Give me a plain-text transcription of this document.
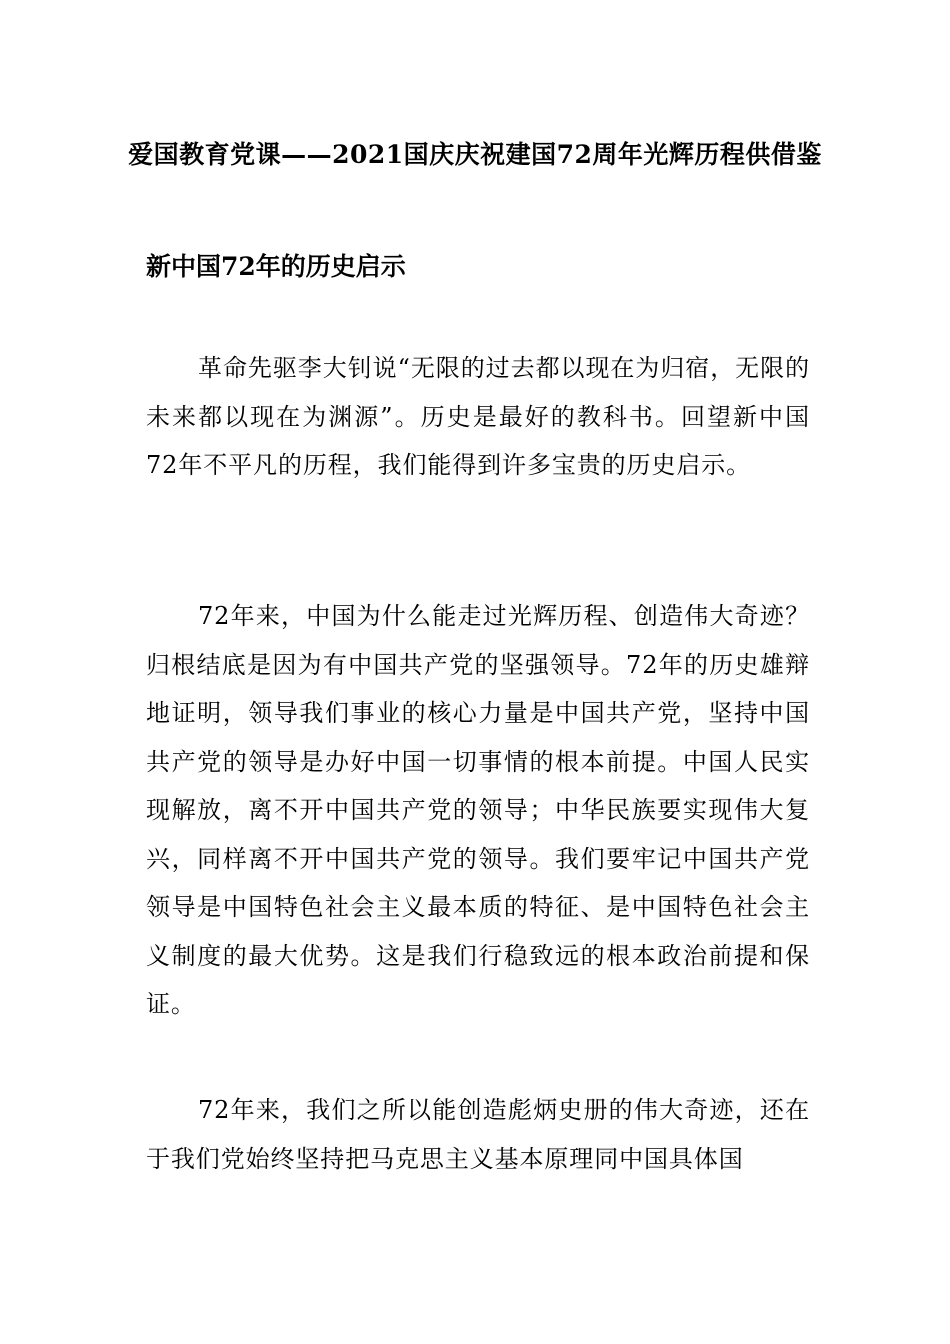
爱国教育党课——2021国庆庆祝建国72周年光辉历程供借鉴
新中国72年的历史启示
革命先驱李大钊说“无限的过去都以现在为归宿，无限的未来都以现在为渊源”。历史是最好的教科书。回望新中国72年不平凡的历程，我们能得到许多宝贵的历史启示。
72年来，中国为什么能走过光辉历程、创造伟大奇迹？归根结底是因为有中国共产党的坚强领导。72年的历史雄辩地证明，领导我们事业的核心力量是中国共产党，坚持中国共产党的领导是办好中国一切事情的根本前提。中国人民实现解放，离不开中国共产党的领导；中华民族要实现伟大复兴，同样离不开中国共产党的领导。我们要牢记中国共产党领导是中国特色社会主义最本质的特征、是中国特色社会主义制度的最大优势。这是我们行稳致远的根本政治前提和保证。
72年来，我们之所以能创造彪炳史册的伟大奇迹，还在于我们党始终坚持把马克思主义基本原理同中国具体国
